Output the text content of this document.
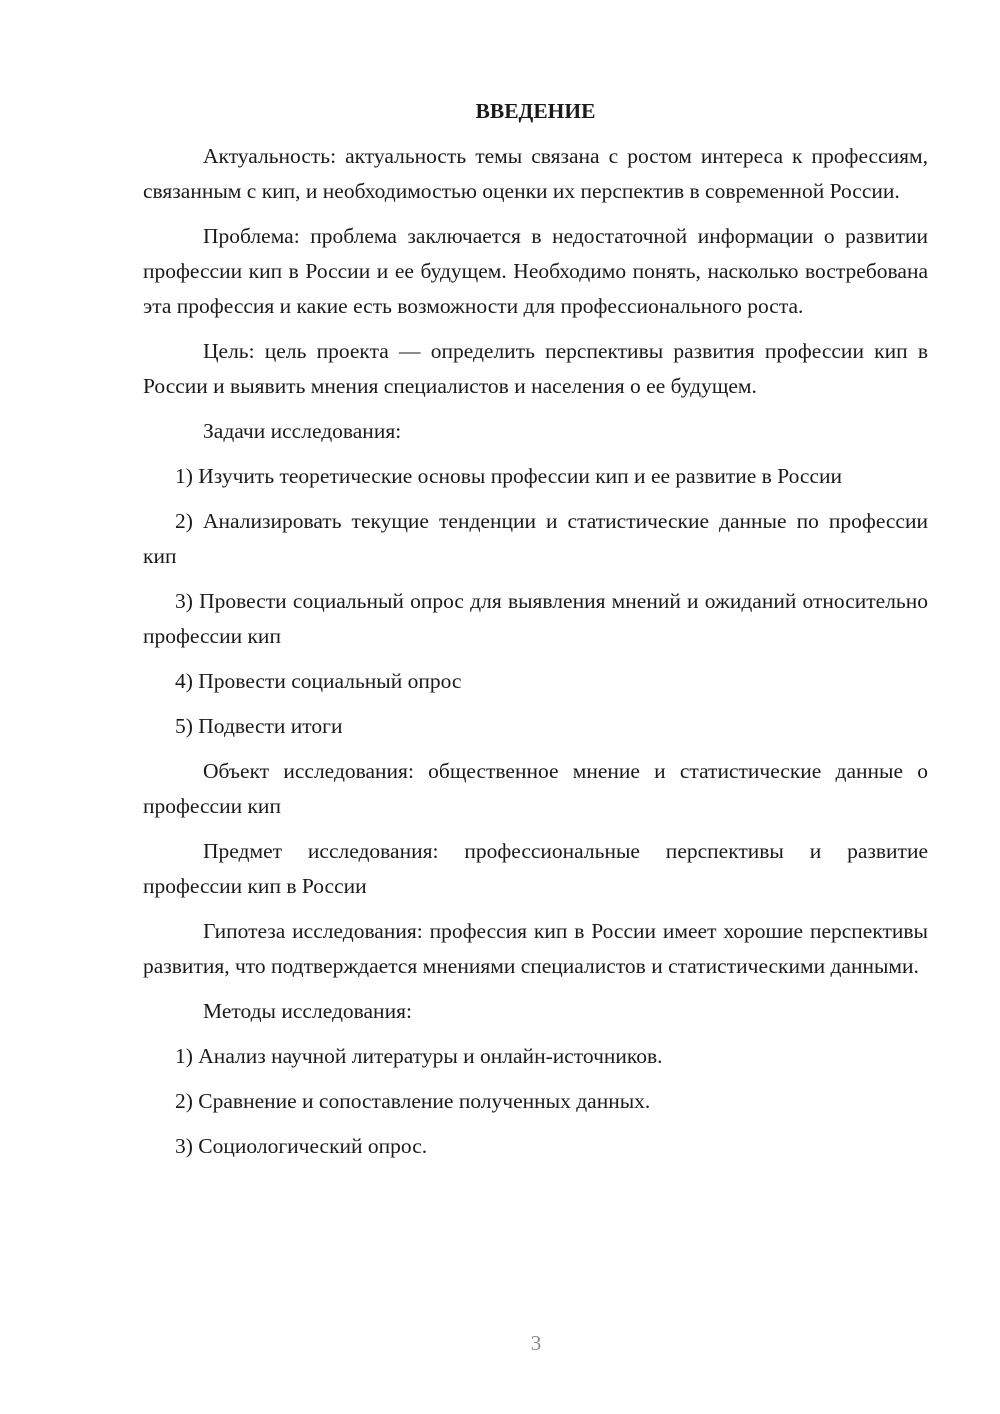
ВВЕДЕНИЕ

Актуальность: актуальность темы связана с ростом интереса к профессиям, связанным с кип, и необходимостью оценки их перспектив в современной России.

Проблема: проблема заключается в недостаточной информации о развитии профессии кип в России и ее будущем. Необходимо понять, насколько востребована эта профессия и какие есть возможности для профессионального роста.

Цель: цель проекта — определить перспективы развития профессии кип в России и выявить мнения специалистов и населения о ее будущем.

Задачи исследования:

1) Изучить теоретические основы профессии кип и ее развитие в России

2) Анализировать текущие тенденции и статистические данные по профессии кип

3) Провести социальный опрос для выявления мнений и ожиданий относительно профессии кип

4) Провести социальный опрос

5) Подвести итоги

Объект исследования: общественное мнение и статистические данные о профессии кип

Предмет исследования: профессиональные перспективы и развитие профессии кип в России

Гипотеза исследования: профессия кип в России имеет хорошие перспективы развития, что подтверждается мнениями специалистов и статистическими данными.

Методы исследования:

1) Анализ научной литературы и онлайн-источников.

2) Сравнение и сопоставление полученных данных.

3) Социологический опрос.

3
